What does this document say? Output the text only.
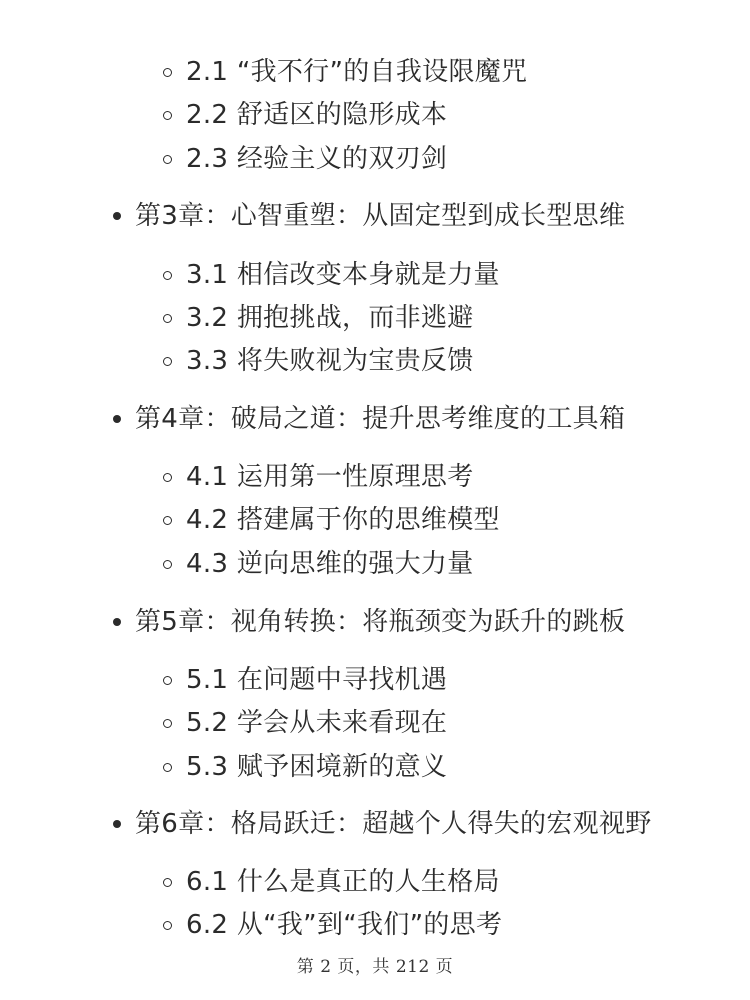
2.1 “我不行”的自我设限魔咒
2.2 舒适区的隐形成本
2.3 经验主义的双刃剑
第3章：心智重塑：从固定型到成长型思维
3.1 相信改变本身就是力量
3.2 拥抱挑战，而非逃避
3.3 将失败视为宝贵反馈
第4章：破局之道：提升思考维度的工具箱
4.1 运用第一性原理思考
4.2 搭建属于你的思维模型
4.3 逆向思维的强大力量
第5章：视角转换：将瓶颈变为跃升的跳板
5.1 在问题中寻找机遇
5.2 学会从未来看现在
5.3 赋予困境新的意义
第6章：格局跃迁：超越个人得失的宏观视野
6.1 什么是真正的人生格局
6.2 从“我”到“我们”的思考
第 2 页，共 212 页
